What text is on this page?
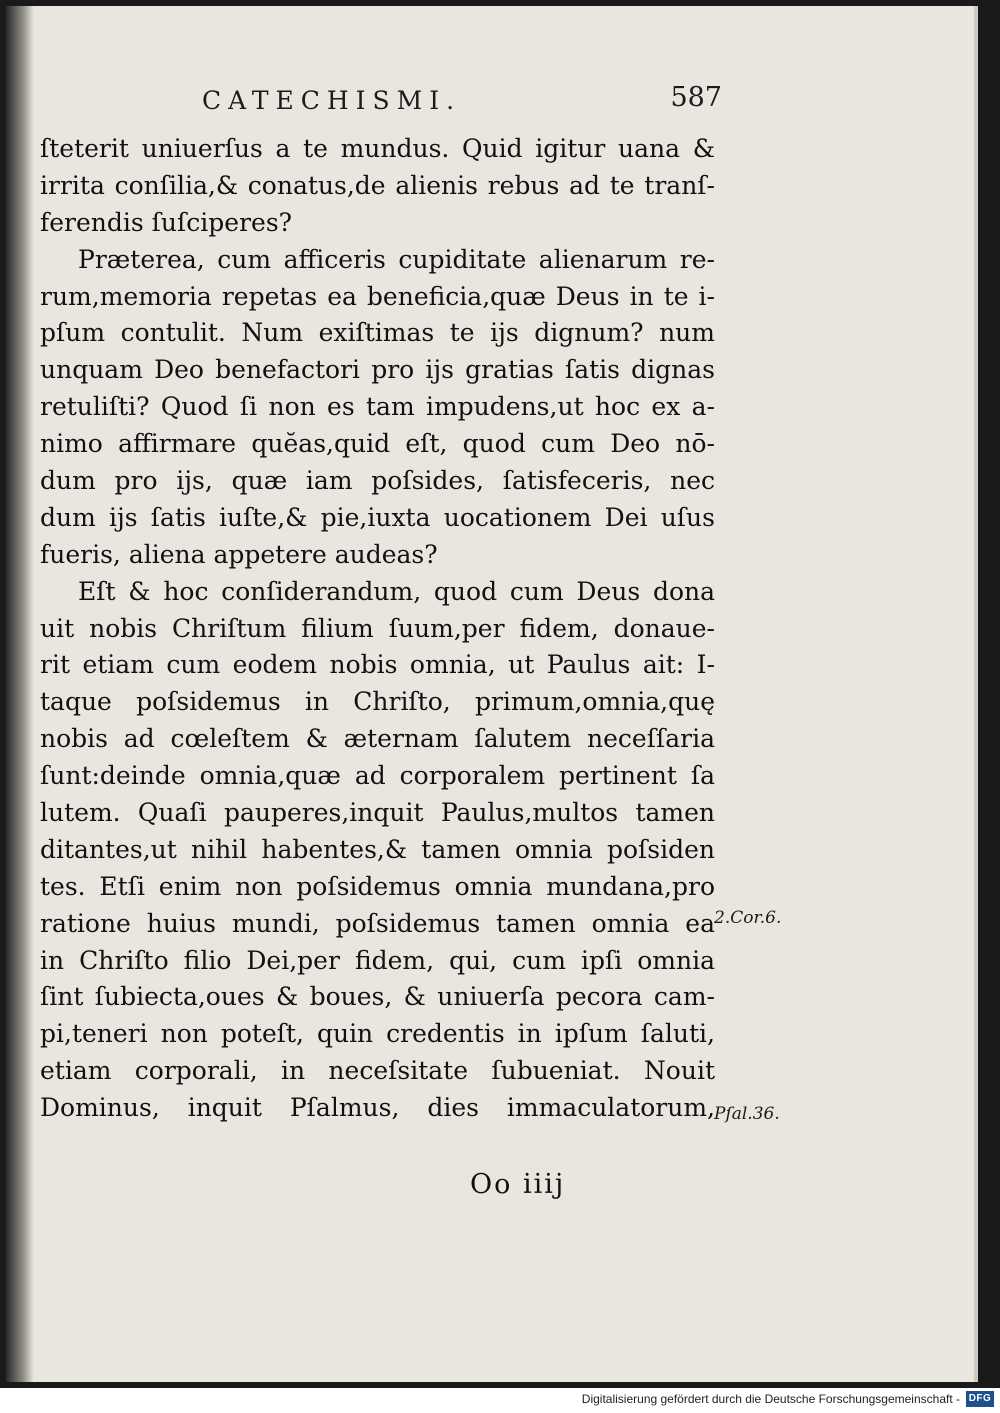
CATECHISMI.	587
ſteterit uniuerſus a te mundus. Quid igitur uana &
irrita conſilia,& conatus,de alienis rebus ad te tranſ-
ferendis ſuſciperes?
Præterea, cum afficeris cupiditate alienarum re-
rum,memoria repetas ea beneficia,quæ Deus in te i-
pſum contulit. Num exiſtimas te ijs dignum? num
unquam Deo benefactori pro ijs gratias ſatis dignas
retuliſti? Quod ſi non es tam impudens,ut hoc ex a-
nimo affirmare quĕas,quid eſt, quod cum Deo nō-
dum pro ijs, quæ iam poſsides, ſatisfeceris, nec
dum ijs ſatis iuſte,& pie,iuxta uocationem Dei uſus
fueris, aliena appetere audeas?
Eſt & hoc conſiderandum, quod cum Deus dona
uit nobis Chriſtum filium ſuum,per fidem, donaue-
rit etiam cum eodem nobis omnia, ut Paulus ait: I-
taque poſsidemus in Chriſto, primum,omnia,quę
nobis ad cœleſtem & æternam ſalutem neceſſaria
ſunt:deinde omnia,quæ ad corporalem pertinent ſa
lutem. Quaſi pauperes,inquit Paulus,multos tamen
ditantes,ut nihil habentes,& tamen omnia poſsiden
tes. Etſi enim non poſsidemus omnia mundana,pro
ratione huius mundi, poſsidemus tamen omnia ea
in Chriſto filio Dei,per fidem, qui, cum ipſi omnia
ſint ſubiecta,oues & boues, & uniuerſa pecora cam-
pi,teneri non poteſt, quin credentis in ipſum ſaluti,
etiam corporali, in neceſsitate ſubueniat. Nouit
Dominus, inquit Pſalmus, dies immaculatorum,
2.Cor.6.
Pſal.36.
Oo iiij
Digitalisierung gefördert durch die Deutsche Forschungsgemeinschaft - DFG
